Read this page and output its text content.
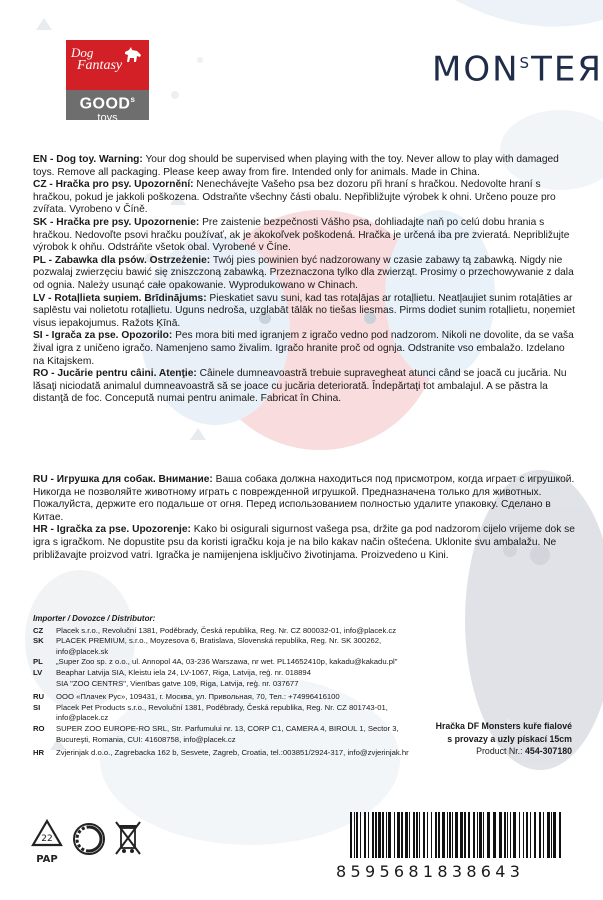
Dog
Fantasy
GOOD$^s$
toys
$MON^STEЯ$

EN - Dog toy. Warning: Your dog should be supervised when playing with the toy. Never allow to play with damaged toys. Remove all packaging. Please keep away from fire. Intended only for animals. Made in China.

CZ - Hračka pro psy. Upozornění: Nenechávejte Vašeho psa bez dozoru při hraní s hračkou. Nedovolte hraní s hračkou, pokud je jakkoli poškozena. Odstraňte všechny části obalu. Nepřibližujte výrobek k ohni. Určeno pouze pro zvířata. Vyrobeno v Číně.

SK - Hračka pre psy. Upozornenie: Pre zaistenie bezpečnosti Vášho psa, dohliadajte naň po celú dobu hrania s hračkou. Nedovoľte psovi hračku používať, ak je akokoľvek poškodená. Hračka je určená iba pre zvieratá. Nepribližujte výrobok k ohňu. Odstráňte všetok obal. Vyrobené v Číne.

PL - Zabawka dla psów. Ostrzeżenie: Twój pies powinien być nadzorowany w czasie zabawy tą zabawką. Nigdy nie pozwalaj zwierzęciu bawić się zniszczoną zabawką. Przeznaczona tylko dla zwierząt. Prosimy o przechowywanie z dala od ognia. Należy usunąć całe opakowanie. Wyprodukowano w Chinach.

LV - Rotaļlieta suņiem. Brīdinājums: Pieskatiet savu suni, kad tas rotaļājas ar rotaļlietu. Neatļaujiet sunim rotaļāties ar saplēstu vai nolietotu rotaļlietu. Uguns nedroša, uzglabāt tālāk no tiešas liesmas. Pirms dodiet sunim rotaļlietu, noņemiet visus iepakojumus. Ražots Ķīnā.

SI - Igrača za pse. Opozorilo: Pes mora biti med igranjem z igračo vedno pod nadzorom. Nikoli ne dovolite, da se vaša žival igra z uničeno igračo. Namenjeno samo živalim. Igračo hranite proč od ognja. Odstranite vso embalažo. Izdelano na Kitajskem.

RO - Jucărie pentru câini. Atenţie: Câinele dumneavoastră trebuie supravegheat atunci când se joacă cu jucăria. Nu lăsaţi niciodată animalul dumneavoastră să se joace cu jucăria deteriorată. Îndepărtaţi tot ambalajul. A se păstra la distanţă de foc. Concepută numai pentru animale. Fabricat în China.

RU - Игрушка для собак. Внимание: Ваша собака должна находиться под присмотром, когда играет с игрушкой. Никогда не позволяйте животному играть с поврежденной игрушкой. Предназначена только для животных. Пожалуйста, держите его подальше от огня. Перед использованием полностью удалите упаковку. Сделано в Китае.

HR - Igračka za pse. Upozorenje: Kako bi osigurali sigurnost vašega psa, držite ga pod nadzorom cijelo vrijeme dok se igra s igračkom. Ne dopustite psu da koristi igračku koja je na bilo kakav način oštećena. Uklonite svu ambalažu. Ne približavajte proizvod vatri. Igračka je namijenjena isključivo životinjama. Proizvedeno u Kini.

Importer / Dovozce / Distributor:
CZ	Placek s.r.o., Revoluční 1381, Poděbrady, Česká republika, Reg. Nr. CZ 800032-01, info@placek.cz
SK	PLACEK PREMIUM, s.r.o., Moyzesova 6, Bratislava, Slovenská republika, Reg. Nr. SK 300262, info@placek.sk
PL	„Super Zoo sp. z o.o., ul. Annopol 4A, 03-236 Warszawa, nr wet. PL14652410p, kakadu@kakadu.pl"
LV	Beaphar Latvija SIA, Kleistu iela 24, LV-1067, Riga, Latvija, reģ. nr. 018894
SIA "ZOO CENTRS", Vienības gatve 109, Riga, Latvija, reģ. nr. 037677
RU	ООО «Плачек Рус», 109431, г. Москва, ул. Привольная, 70, Тел.: +74996416100
SI	Placek Pet Products s.r.o., Revoluční 1381, Poděbrady, Česká republika, Reg. Nr. CZ 801743-01, info@placek.cz
RO	SUPER ZOO EUROPE-RO SRL, Str. Parfumului nr. 13, CORP C1, CAMERA 4, BIROUL 1, Sector 3,
Bucureşti, Romania, CUI: 41608758, info@placek.cz
HR	Zvjerinjak d.o.o., Zagrebacka 162 b, Sesvete, Zagreb, Croatia, tel.:003851/2924-317, info@zvjerinjak.hr
Hračka DF Monsters kuře fialové
s provazy a uzly pískací 15cm
Product Nr.: 454-307180
22
PAP
8595681838643
